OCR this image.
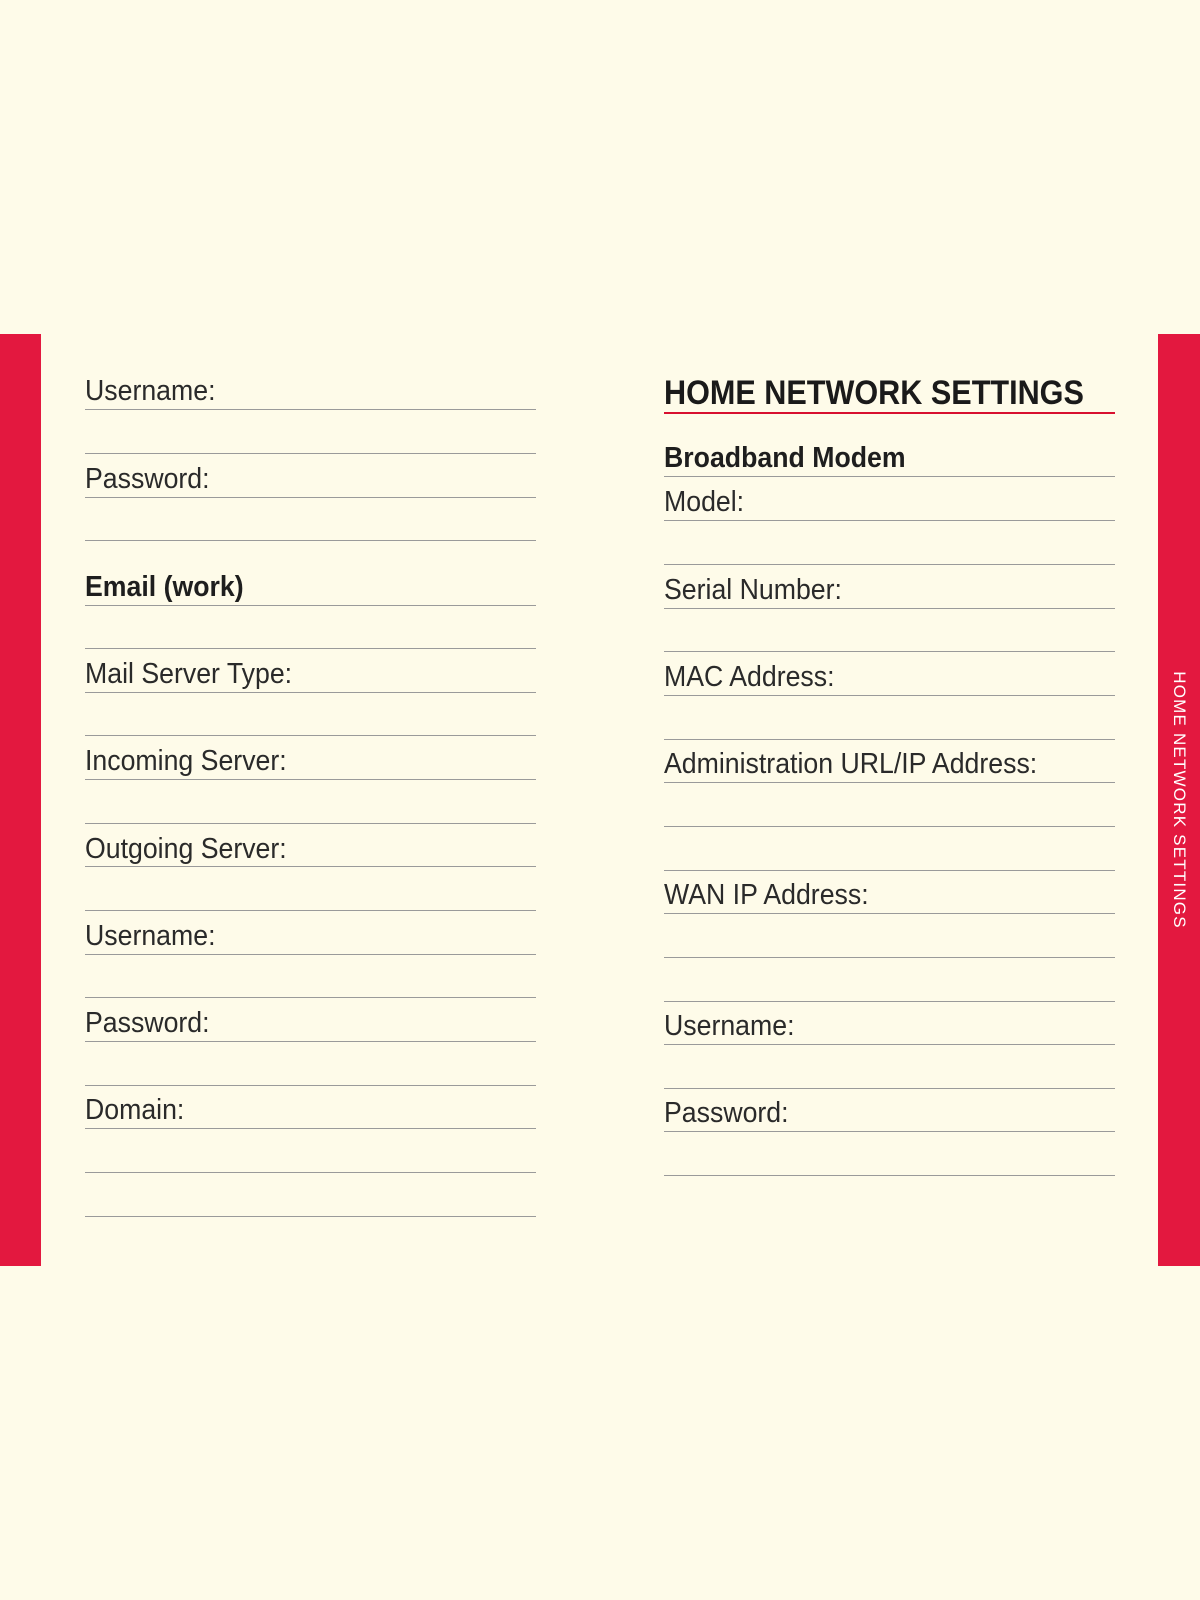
HOME NETWORK SETTINGS
Username:
Password:
Email (work)
Mail Server Type:
Incoming Server:
Outgoing Server:
Username:
Password:
Domain:
HOME NETWORK SETTINGS
Broadband Modem
Model:
Serial Number:
MAC Address:
Administration URL/IP Address:
WAN IP Address:
Username:
Password:
